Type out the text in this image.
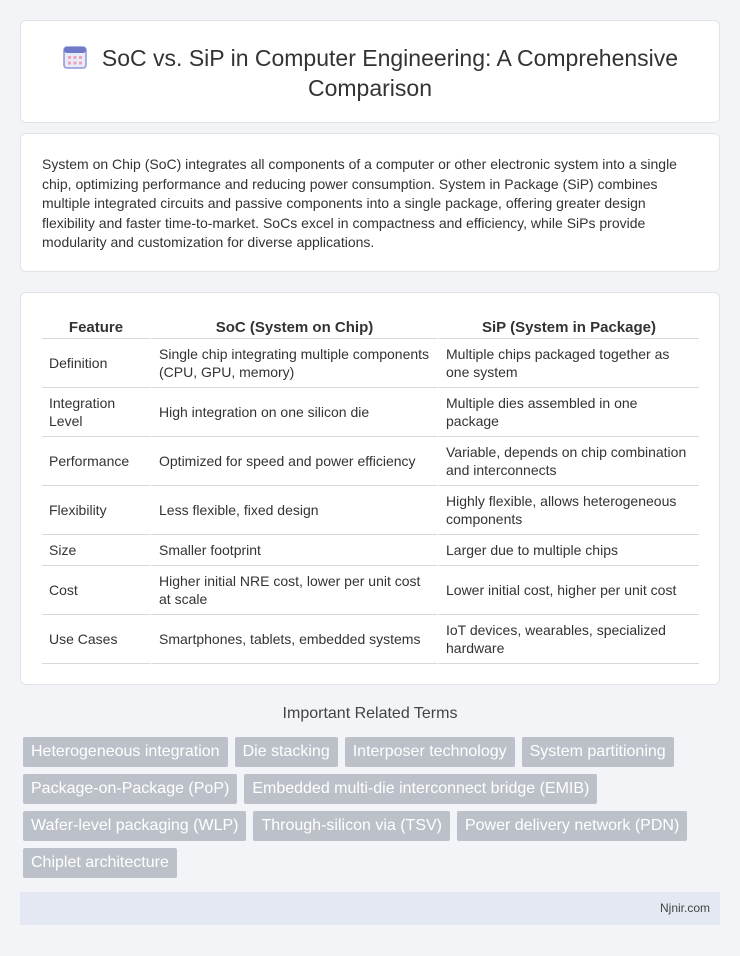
SoC vs. SiP in Computer Engineering: A Comprehensive Comparison

System on Chip (SoC) integrates all components of a computer or other electronic system into a single chip, optimizing performance and reducing power consumption. System in Package (SiP) combines multiple integrated circuits and passive components into a single package, offering greater design flexibility and faster time-to-market. SoCs excel in compactness and efficiency, while SiPs provide modularity and customization for diverse applications.

Feature	SoC (System on Chip)	SiP (System in Package)
Definition	Single chip integrating multiple components (CPU, GPU, memory)	Multiple chips packaged together as one system
Integration Level	High integration on one silicon die	Multiple dies assembled in one package
Performance	Optimized for speed and power efficiency	Variable, depends on chip combination and interconnects
Flexibility	Less flexible, fixed design	Highly flexible, allows heterogeneous components
Size	Smaller footprint	Larger due to multiple chips
Cost	Higher initial NRE cost, lower per unit cost at scale	Lower initial cost, higher per unit cost
Use Cases	Smartphones, tablets, embedded systems	IoT devices, wearables, specialized hardware
Important Related Terms
Heterogeneous integration	Die stacking	Interposer technology	System partitioning
Package-on-Package (PoP)	Embedded multi-die interconnect bridge (EMIB)
Wafer-level packaging (WLP)	Through-silicon via (TSV)	Power delivery network (PDN)
Chiplet architecture
Njnir.com
